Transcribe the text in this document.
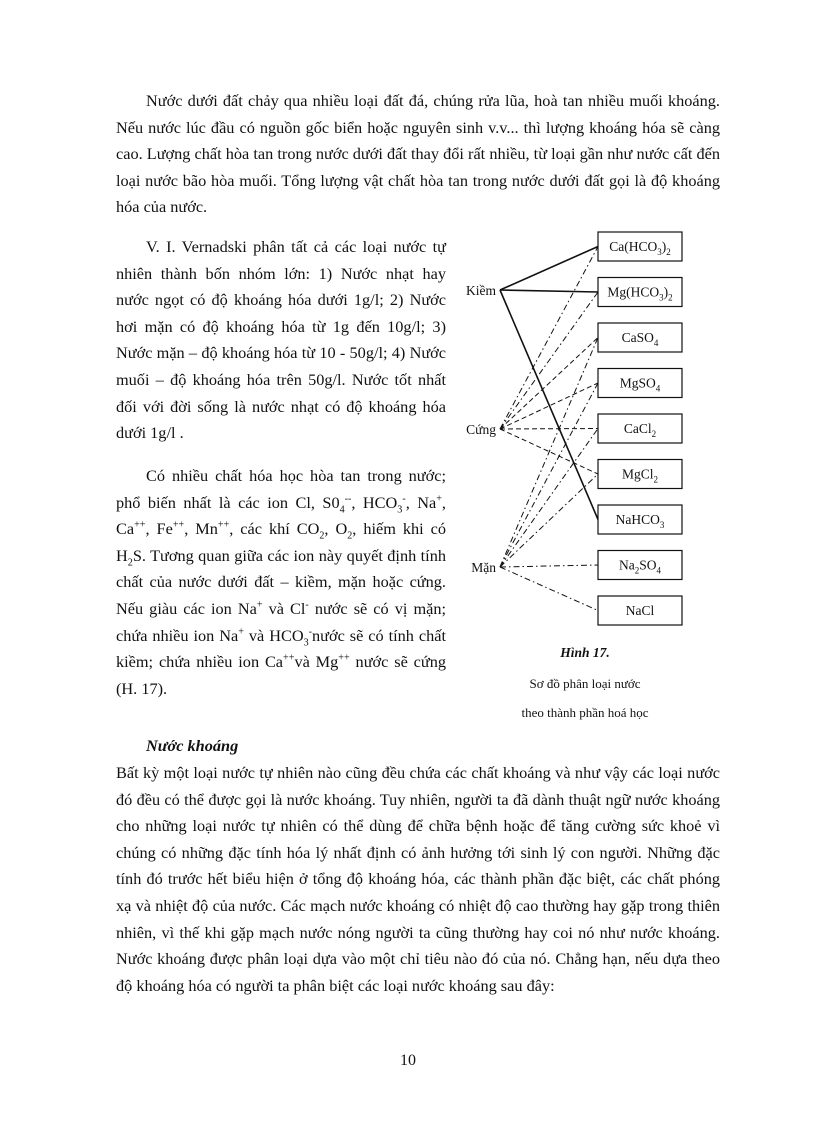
Nước dưới đất chảy qua nhiều loại đất đá, chúng rửa lũa, hoà tan nhiều muối khoáng. Nếu nước lúc đầu có nguồn gốc biển hoặc nguyên sinh v.v... thì lượng khoáng hóa sẽ càng cao. Lượng chất hòa tan trong nước dưới đất thay đổi rất nhiều, từ loại gần như nước cất đến loại nước bão hòa muối. Tổng lượng vật chất hòa tan trong nước dưới đất gọi là độ khoáng hóa của nước.

V. I. Vernadski phân tất cả các loại nước tự nhiên thành bốn nhóm lớn: 1) Nước nhạt hay nước ngọt có độ khoáng hóa dưới 1g/l; 2) Nước hơi mặn có độ khoáng hóa từ 1g đến 10g/l; 3) Nước mặn – độ khoáng hóa từ 10 - 50g/l; 4) Nước muối – độ khoáng hóa trên 50g/l. Nước tốt nhất đối với đời sống là nước nhạt có độ khoáng hóa dưới 1g/l .

Có nhiều chất hóa học hòa tan trong nước; phổ biến nhất là các ion Cl, $S0_4^{--}$, $HCO_3^-$, Na+, Ca++, Fe++, Mn++, các khí $CO_2$, $O_2$, hiếm khi có $H_2S$. Tương quan giữa các ion này quyết định tính chất của nước dưới đất – kiềm, mặn hoặc cứng. Nếu giàu các ion Na+ và Cl- nước sẽ có vị mặn; chứa nhiều ion Na+ và $HCO_3^-nước$ sẽ có tính chất kiềm; chứa nhiều ion Ca++và Mg++ nước sẽ cứng (H. 17).

Kiềm
Cứng
Mặn
$Ca(HCO_3)_2$
$Mg(HCO_3)_2$
CaSO$_4$
MgSO$_4$
CaCl$_2$
MgCl$_2$
NaHCO$_3$
$Na_2SO_4$
NaCl
Hình 17.
Sơ đồ phân loại nước
theo thành phần hoá học

Nước khoáng

Bất kỳ một loại nước tự nhiên nào cũng đều chứa các chất khoáng và như vậy các loại nước đó đều có thể được gọi là nước khoáng. Tuy nhiên, người ta đã dành thuật ngữ nước khoáng cho những loại nước tự nhiên có thể dùng để chữa bệnh hoặc để tăng cường sức khoẻ vì chúng có những đặc tính hóa lý nhất định có ảnh hưởng tới sinh lý con người. Những đặc tính đó trước hết biểu hiện ở tổng độ khoáng hóa, các thành phần đặc biệt, các chất phóng xạ và nhiệt độ của nước. Các mạch nước khoáng có nhiệt độ cao thường hay gặp trong thiên nhiên, vì thế khi gặp mạch nước nóng người ta cũng thường hay coi nó như nước khoáng. Nước khoáng được phân loại dựa vào một chỉ tiêu nào đó của nó. Chẳng hạn, nếu dựa theo độ khoáng hóa có người ta phân biệt các loại nước khoáng sau đây:

10
